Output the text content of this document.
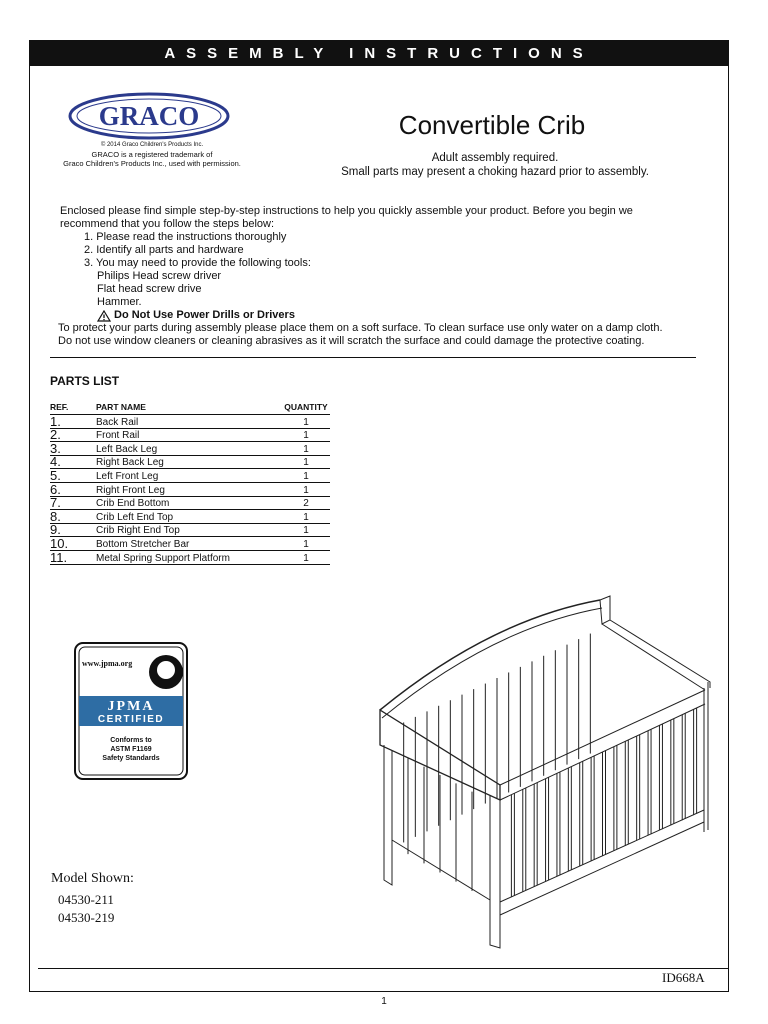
ASSEMBLY INSTRUCTIONS
GRACO
© 2014 Graco Children's Products Inc.
GRACO is a registered trademark of
Graco Children's Products Inc., used with permission.
Convertible Crib
Adult assembly required.
Small parts may present a choking hazard prior to assembly.
Enclosed please find simple step-by-step instructions to help you quickly assemble your product. Before you begin we
recommend that you follow the steps below:
1. Please read the instructions thoroughly
2. Identify all parts and hardware
3. You may need to provide the following tools:
Philips Head screw driver
Flat head screw drive
Hammer.
Do Not Use Power Drills or Drivers
To protect your parts during assembly please place them on a soft surface. To clean surface use only water on a damp cloth.
Do not use window cleaners or cleaning abrasives as it will scratch the surface and could damage the protective coating.
PARTS LIST
REF.	PART NAME	QUANTITY
1.	Back Rail	1
2.	Front Rail	1
3.	Left Back Leg	1
4.	Right Back Leg	1
5.	Left Front Leg	1
6.	Right Front Leg	1
7.	Crib End Bottom	2
8.	Crib Left End Top	1
9.	Crib Right End Top	1
10.	Bottom Stretcher Bar	1
11.	Metal Spring Support Platform	1
www.jpma.org
JPMA
CERTIFIED
Conforms to
ASTM F1169
Safety Standards
Model Shown:
04530-211
04530-219
ID668A
1
